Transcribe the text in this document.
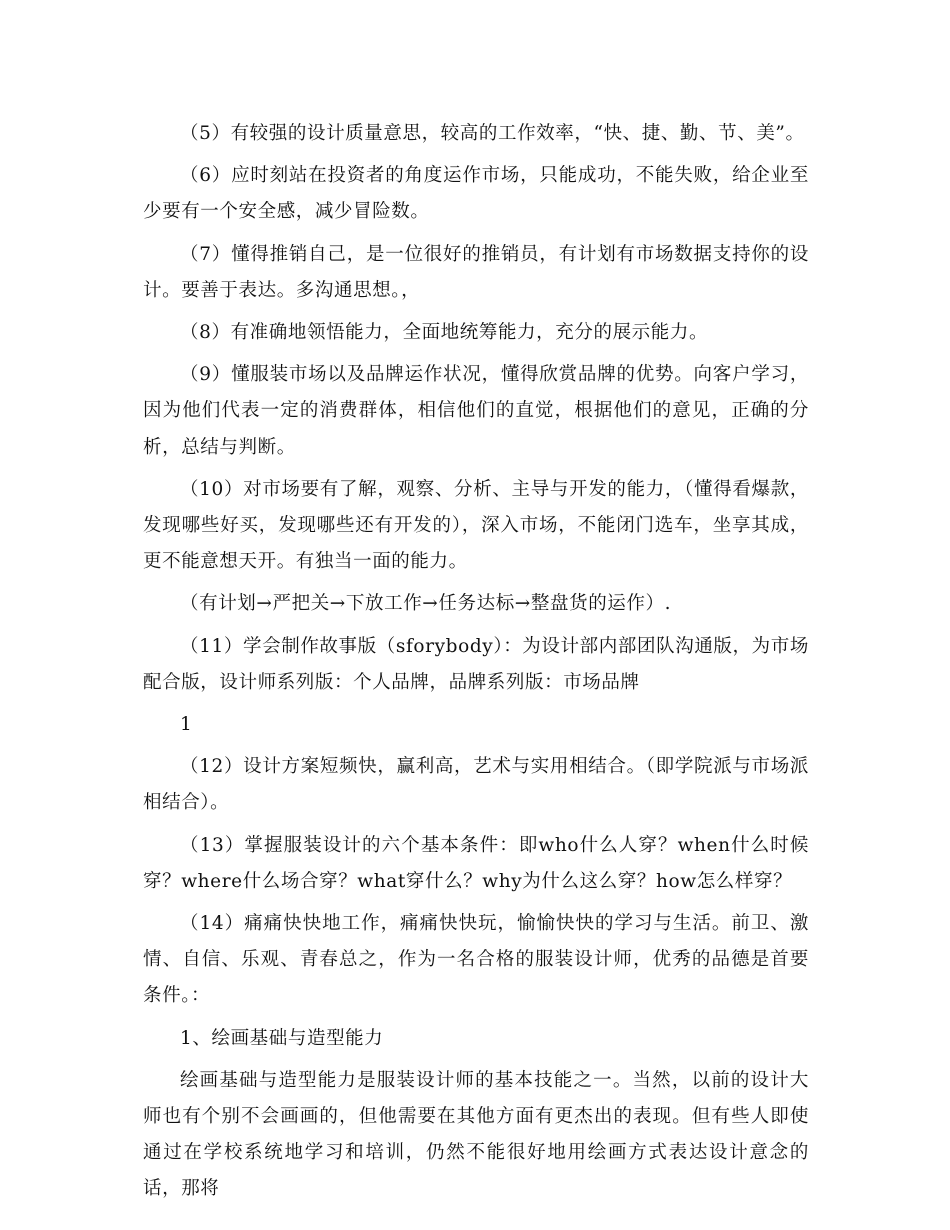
（5）有较强的设计质量意思，较高的工作效率，“快、捷、勤、节、美”。

（6）应时刻站在投资者的角度运作市场，只能成功，不能失败，给企业至少要有一个安全感，减少冒险数。

（7）懂得推销自己，是一位很好的推销员，有计划有市场数据支持你的设计。要善于表达。多沟通思想。，

（8）有准确地领悟能力，全面地统筹能力，充分的展示能力。

（9）懂服装市场以及品牌运作状况，懂得欣赏品牌的优势。向客户学习，因为他们代表一定的消费群体，相信他们的直觉，根据他们的意见，正确的分析，总结与判断。

（10）对市场要有了解，观察、分析、主导与开发的能力，（懂得看爆款，发现哪些好买，发现哪些还有开发的），深入市场，不能闭门选车，坐享其成，更不能意想天开。有独当一面的能力。

（有计划→严把关→下放工作→任务达标→整盘货的运作）.

（11）学会制作故事版（sforybody）：为设计部内部团队沟通版，为市场配合版，设计师系列版：个人品牌，品牌系列版：市场品牌

1

（12）设计方案短频快，赢利高，艺术与实用相结合。（即学院派与市场派相结合）。

（13）掌握服装设计的六个基本条件：即who什么人穿？when什么时候穿？where什么场合穿？what穿什么？why为什么这么穿？how怎么样穿？

（14）痛痛快快地工作，痛痛快快玩，愉愉快快的学习与生活。前卫、激情、自信、乐观、青春总之，作为一名合格的服装设计师，优秀的品德是首要条件。：

1、绘画基础与造型能力

绘画基础与造型能力是服装设计师的基本技能之一。当然，以前的设计大师也有个别不会画画的，但他需要在其他方面有更杰出的表现。但有些人即使通过在学校系统地学习和培训，仍然不能很好地用绘画方式表达设计意念的话，那将
